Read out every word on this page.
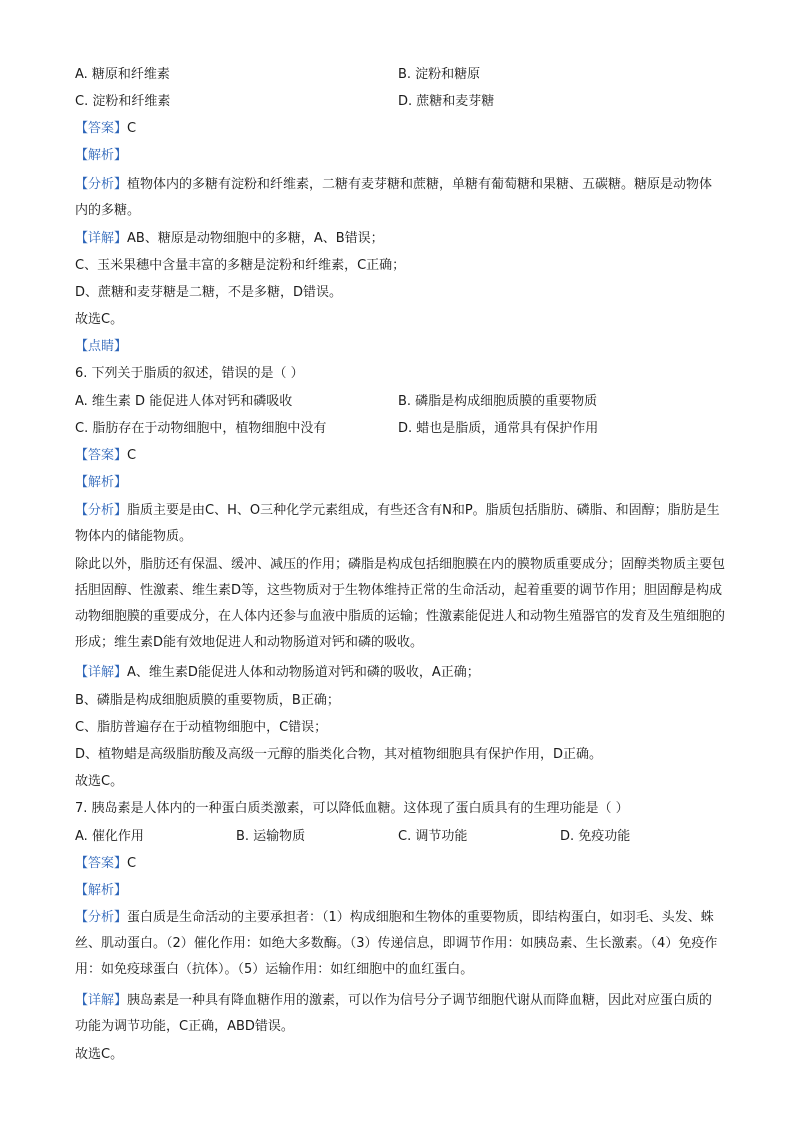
A. 糖原和纤维素	B. 淀粉和糖原
C. 淀粉和纤维素	D. 蔗糖和麦芽糖
【答案】C
【解析】
【分析】植物体内的多糖有淀粉和纤维素，二糖有麦芽糖和蔗糖，单糖有葡萄糖和果糖、五碳糖。糖原是动物体内的多糖。
【详解】AB、糖原是动物细胞中的多糖，A、B错误；
C、玉米果穗中含量丰富的多糖是淀粉和纤维素，C正确；
D、蔗糖和麦芽糖是二糖，不是多糖，D错误。
故选C。
【点睛】
6. 下列关于脂质的叙述，错误的是（ ）
A. 维生素 D 能促进人体对钙和磷吸收	B. 磷脂是构成细胞质膜的重要物质
C. 脂肪存在于动物细胞中，植物细胞中没有	D. 蜡也是脂质，通常具有保护作用
【答案】C
【解析】
【分析】脂质主要是由C、H、O三种化学元素组成，有些还含有N和P。脂质包括脂肪、磷脂、和固醇；脂肪是生物体内的储能物质。
除此以外，脂肪还有保温、缓冲、减压的作用；磷脂是构成包括细胞膜在内的膜物质重要成分；固醇类物质主要包括胆固醇、性激素、维生素D等，这些物质对于生物体维持正常的生命活动，起着重要的调节作用；胆固醇是构成动物细胞膜的重要成分，在人体内还参与血液中脂质的运输；性激素能促进人和动物生殖器官的发育及生殖细胞的形成；维生素D能有效地促进人和动物肠道对钙和磷的吸收。
【详解】A、维生素D能促进人体和动物肠道对钙和磷的吸收，A正确；
B、磷脂是构成细胞质膜的重要物质，B正确；
C、脂肪普遍存在于动植物细胞中，C错误；
D、植物蜡是高级脂肪酸及高级一元醇的脂类化合物，其对植物细胞具有保护作用，D正确。
故选C。
7. 胰岛素是人体内的一种蛋白质类激素，可以降低血糖。这体现了蛋白质具有的生理功能是（ ）
A. 催化作用	B. 运输物质	C. 调节功能	D. 免疫功能
【答案】C
【解析】
【分析】蛋白质是生命活动的主要承担者：（1）构成细胞和生物体的重要物质，即结构蛋白，如羽毛、头发、蛛丝、肌动蛋白。（2）催化作用：如绝大多数酶。（3）传递信息，即调节作用：如胰岛素、生长激素。（4）免疫作用：如免疫球蛋白（抗体）。（5）运输作用：如红细胞中的血红蛋白。
【详解】胰岛素是一种具有降血糖作用的激素，可以作为信号分子调节细胞代谢从而降血糖，因此对应蛋白质的功能为调节功能，C正确，ABD错误。
故选C。
